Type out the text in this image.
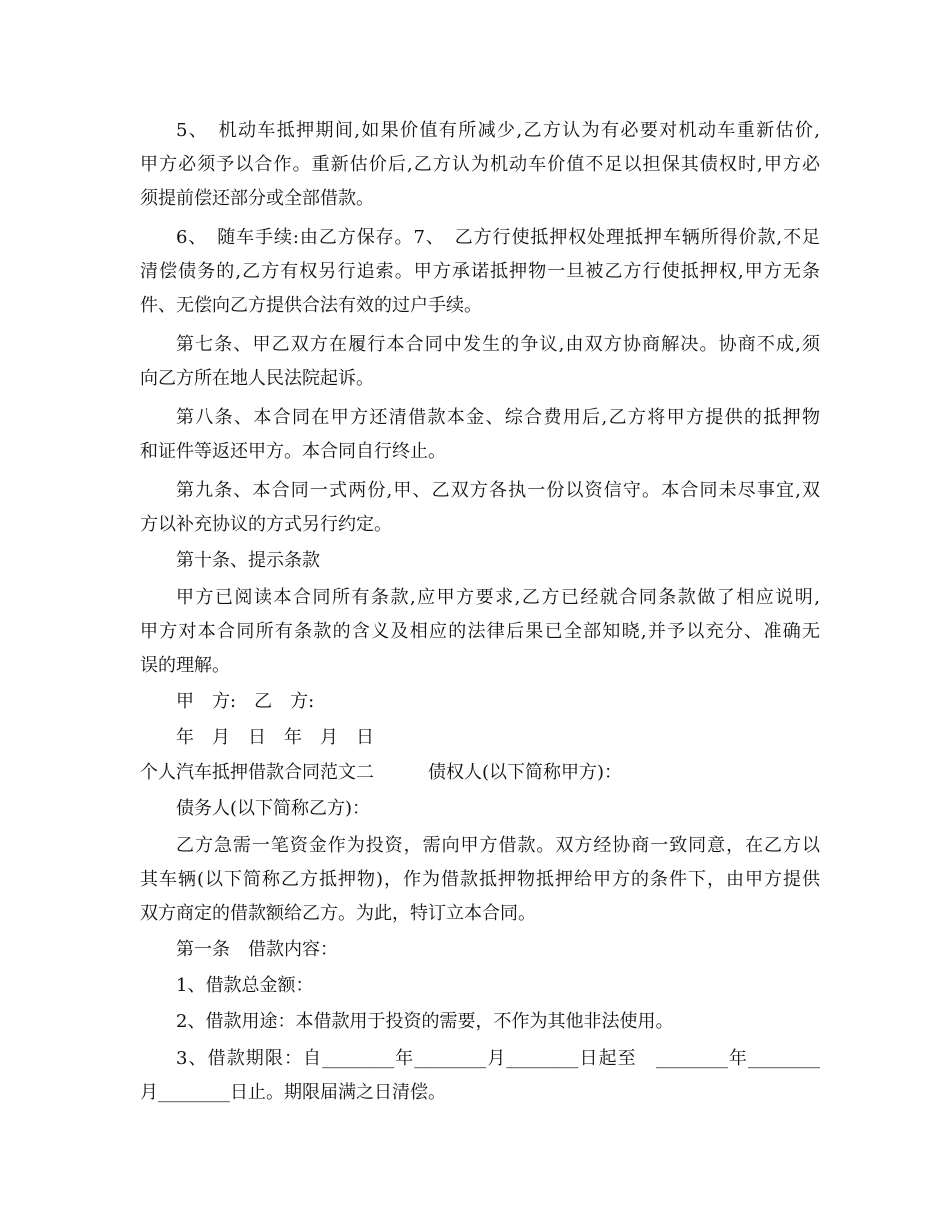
5、　机动车抵押期间,如果价值有所减少,乙方认为有必要对机动车重新估价,
甲方必须予以合作。重新估价后,乙方认为机动车价值不足以担保其债权时,甲方必
须提前偿还部分或全部借款。
6、　随车手续:由乙方保存。7、　乙方行使抵押权处理抵押车辆所得价款,不足
清偿债务的,乙方有权另行追索。甲方承诺抵押物一旦被乙方行使抵押权,甲方无条
件、无偿向乙方提供合法有效的过户手续。
第七条、甲乙双方在履行本合同中发生的争议,由双方协商解决。协商不成,须
向乙方所在地人民法院起诉。
第八条、本合同在甲方还清借款本金、综合费用后,乙方将甲方提供的抵押物
和证件等返还甲方。本合同自行终止。
第九条、本合同一式两份,甲、乙双方各执一份以资信守。本合同未尽事宜,双
方以补充协议的方式另行约定。
第十条、提示条款
甲方已阅读本合同所有条款,应甲方要求,乙方已经就合同条款做了相应说明,
甲方对本合同所有条款的含义及相应的法律后果已全部知晓,并予以充分、准确无
误的理解。
甲　方:　乙　方:
年　月　日　年　月　日
个人汽车抵押借款合同范文二　　　债权人(以下简称甲方)：
债务人(以下简称乙方)：
乙方急需一笔资金作为投资，需向甲方借款。双方经协商一致同意，在乙方以
其车辆(以下简称乙方抵押物)，作为借款抵押物抵押给甲方的条件下，由甲方提供
双方商定的借款额给乙方。为此，特订立本合同。
第一条　借款内容：
1、借款总金额：
2、借款用途：本借款用于投资的需要，不作为其他非法使用。
3、借款期限：自________年________月________日起至　________年________
月________日止。期限届满之日清偿。
